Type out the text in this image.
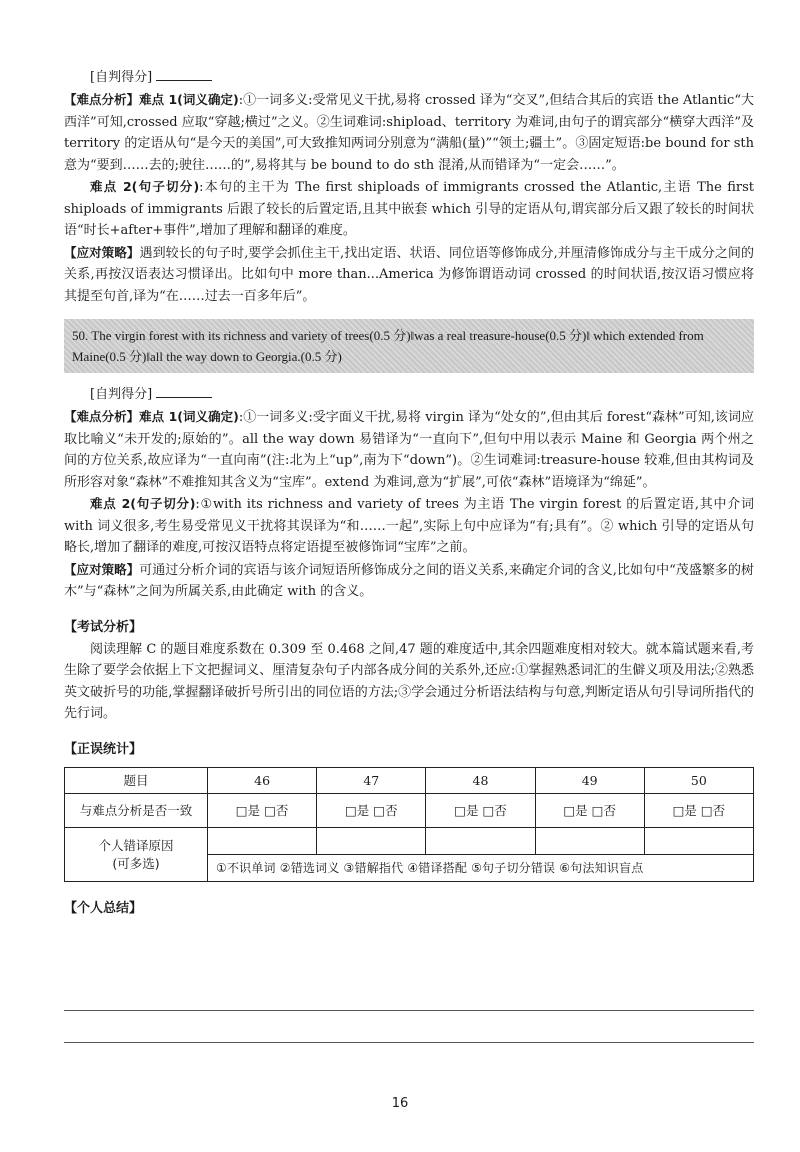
[自判得分]

【难点分析】难点 1(词义确定):①一词多义:受常见义干扰,易将 crossed 译为“交叉”,但结合其后的宾语 the Atlantic“大西洋”可知,crossed 应取“穿越;横过”之义。②生词难词:shipload、territory 为难词,由句子的谓宾部分“横穿大西洋”及 territory 的定语从句“是今天的美国”,可大致推知两词分别意为“满船(量)”“领土;疆土”。③固定短语:be bound for sth 意为“要到……去的;驶往……的”,易将其与 be bound to do sth 混淆,从而错译为“一定会……”。

难点 2(句子切分):本句的主干为 The first shiploads of immigrants crossed the Atlantic,主语 The first shiploads of immigrants 后跟了较长的后置定语,且其中嵌套 which 引导的定语从句,谓宾部分后又跟了较长的时间状语“时长+after+事件”,增加了理解和翻译的难度。

【应对策略】遇到较长的句子时,要学会抓住主干,找出定语、状语、同位语等修饰成分,并厘清修饰成分与主干成分之间的关系,再按汉语表达习惯译出。比如句中 more than...America 为修饰谓语动词 crossed 的时间状语,按汉语习惯应将其提至句首,译为“在……过去一百多年后”。

50. The virgin forest with its richness and variety of trees(0.5 分)‖was a real treasure-house(0.5 分)‖ which extended from Maine(0.5 分)‖all the way down to Georgia.(0.5 分)
[自判得分]

【难点分析】难点 1(词义确定):①一词多义:受字面义干扰,易将 virgin 译为“处女的”,但由其后 forest“森林”可知,该词应取比喻义“未开发的;原始的”。all the way down 易错译为“一直向下”,但句中用以表示 Maine 和 Georgia 两个州之间的方位关系,故应译为“一直向南”(注:北为上“up”,南为下“down”)。②生词难词:treasure-house 较难,但由其构词及所形容对象“森林”不难推知其含义为“宝库”。extend 为难词,意为“扩展”,可依“森林”语境译为“绵延”。

难点 2(句子切分):①with its richness and variety of trees 为主语 The virgin forest 的后置定语,其中介词 with 词义很多,考生易受常见义干扰将其误译为“和……一起”,实际上句中应译为“有;具有”。② which 引导的定语从句略长,增加了翻译的难度,可按汉语特点将定语提至被修饰词“宝库”之前。

【应对策略】可通过分析介词的宾语与该介词短语所修饰成分之间的语义关系,来确定介词的含义,比如句中“茂盛繁多的树木”与“森林”之间为所属关系,由此确定 with 的含义。

【考试分析】

阅读理解 C 的题目难度系数在 0.309 至 0.468 之间,47 题的难度适中,其余四题难度相对较大。就本篇试题来看,考生除了要学会依据上下文把握词义、厘清复杂句子内部各成分间的关系外,还应:①掌握熟悉词汇的生僻义项及用法;②熟悉英文破折号的功能,掌握翻译破折号所引出的同位语的方法;③学会通过分析语法结构与句意,判断定语从句引导词所指代的先行词。

【正误统计】
题目	46	47	48	49	50
与难点分析是否一致	□是 □否	□是 □否	□是 □否	□是 □否	□是 □否

个人错译原因
(可多选)					

	①不识单词 ②错选词义 ③错解指代 ④错译搭配 ⑤句子切分错误 ⑥句法知识盲点				
【个人总结】
16
